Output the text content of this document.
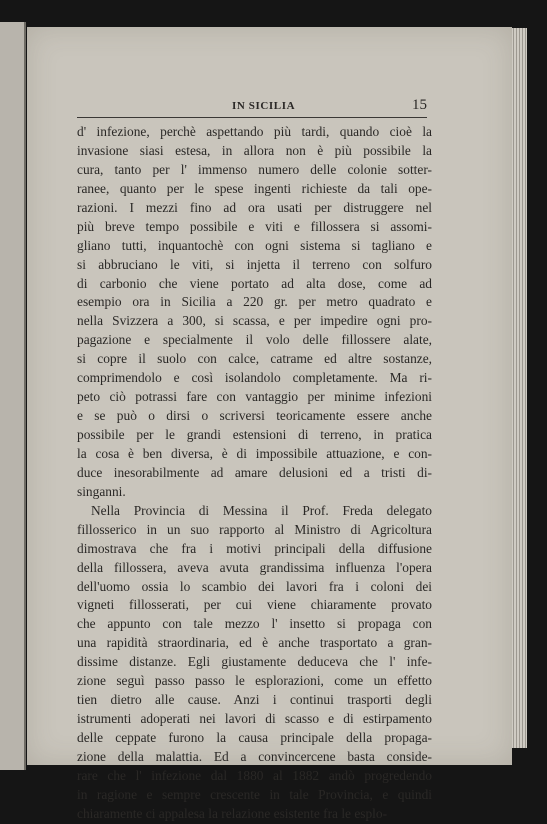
IN SICILIA	15
d' infezione, perchè aspettando più tardi, quando cioè la
invasione siasi estesa, in allora non è più possibile la
cura, tanto per l' immenso numero delle colonie sotter-
ranee, quanto per le spese ingenti richieste da tali ope-
razioni. I mezzi fino ad ora usati per distruggere nel
più breve tempo possibile e viti e fillossera si assomi-
gliano tutti, inquantochè con ogni sistema si tagliano e
si abbruciano le viti, si injetta il terreno con solfuro
di carbonio che viene portato ad alta dose, come ad
esempio ora in Sicilia a 220 gr. per metro quadrato e
nella Svizzera a 300, si scassa, e per impedire ogni pro-
pagazione e specialmente il volo delle fillossere alate,
si copre il suolo con calce, catrame ed altre sostanze,
comprimendolo e così isolandolo completamente. Ma ri-
peto ciò potrassi fare con vantaggio per minime infezioni
e se può o dirsi o scriversi teoricamente essere anche
possibile per le grandi estensioni di terreno, in pratica
la cosa è ben diversa, è di impossibile attuazione, e con-
duce inesorabilmente ad amare delusioni ed a tristi di-
singanni.
Nella Provincia di Messina il Prof. Freda delegato
fillosserico in un suo rapporto al Ministro di Agricoltura
dimostrava che fra i motivi principali della diffusione
della fillossera, aveva avuta grandissima influenza l'opera
dell'uomo ossia lo scambio dei lavori fra i coloni dei
vigneti fillosserati, per cui viene chiaramente provato
che appunto con tale mezzo l' insetto si propaga con
una rapidità straordinaria, ed è anche trasportato a gran-
dissime distanze. Egli giustamente deduceva che l' infe-
zione seguì passo passo le esplorazioni, come un effetto
tien dietro alle cause. Anzi i continui trasporti degli
istrumenti adoperati nei lavori di scasso e di estirpamento
delle ceppate furono la causa principale della propaga-
zione della malattia. Ed a convincercene basta conside-
rare che l' infezione dal 1880 al 1882 andò progredendo
in ragione e sempre crescente in tale Provincia, e quindi
chiaramente ci appalesa la relazione esistente fra le esplo-
